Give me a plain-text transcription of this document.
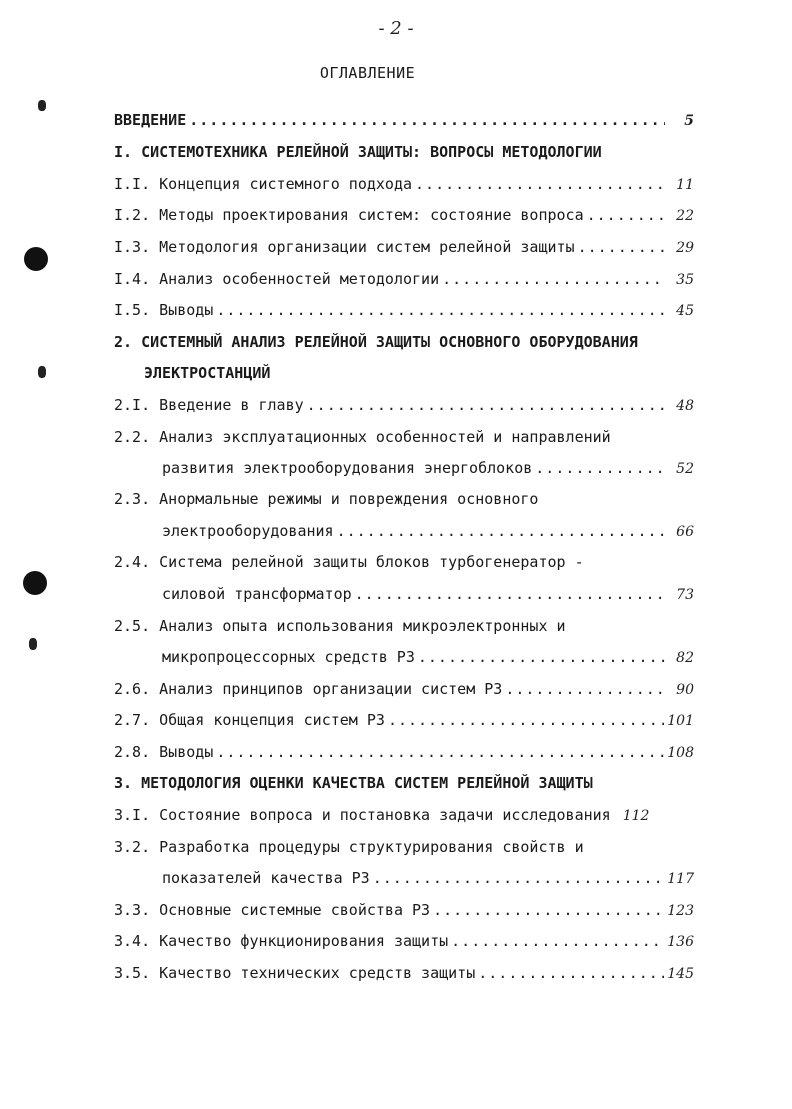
- 2 -
ОГЛАВЛЕНИЕ
ВВЕДЕНИЕ .....	5
I. СИСТЕМОТЕХНИКА РЕЛЕЙНОЙ ЗАЩИТЫ: ВОПРОСЫ МЕТОДОЛОГИИ
I.I. Концепция системного подхода .....	11
I.2. Методы проектирования систем: состояние вопроса .....	22
I.3. Методология организации систем релейной защиты .....	29
I.4. Анализ особенностей методологии .....	35
I.5. Выводы .....	45
2. СИСТЕМНЫЙ АНАЛИЗ РЕЛЕЙНОЙ ЗАЩИТЫ ОСНОВНОГО ОБОРУДОВАНИЯ
ЭЛЕКТРОСТАНЦИЙ
2.I. Введение в главу .....	48
2.2. Анализ эксплуатационных особенностей и направлений
развития электрооборудования энергоблоков .....	52
2.3. Анормальные режимы и повреждения основного
электрооборудования .....	66
2.4. Система релейной защиты блоков турбогенератор -
силовой трансформатор .....	73
2.5. Анализ опыта использования микроэлектронных и
микропроцессорных средств РЗ .....	82
2.6. Анализ принципов организации систем РЗ .....	90
2.7. Общая концепция систем РЗ .....	101
2.8. Выводы .....	108
3. МЕТОДОЛОГИЯ ОЦЕНКИ КАЧЕСТВА СИСТЕМ РЕЛЕЙНОЙ ЗАЩИТЫ
3.I. Состояние вопроса и постановка задачи исследования 112
3.2. Разработка процедуры структурирования свойств и
показателей качества РЗ .....	117
3.3. Основные системные свойства РЗ .....	123
3.4. Качество функционирования защиты .....	136
3.5. Качество технических средств защиты .....	145
